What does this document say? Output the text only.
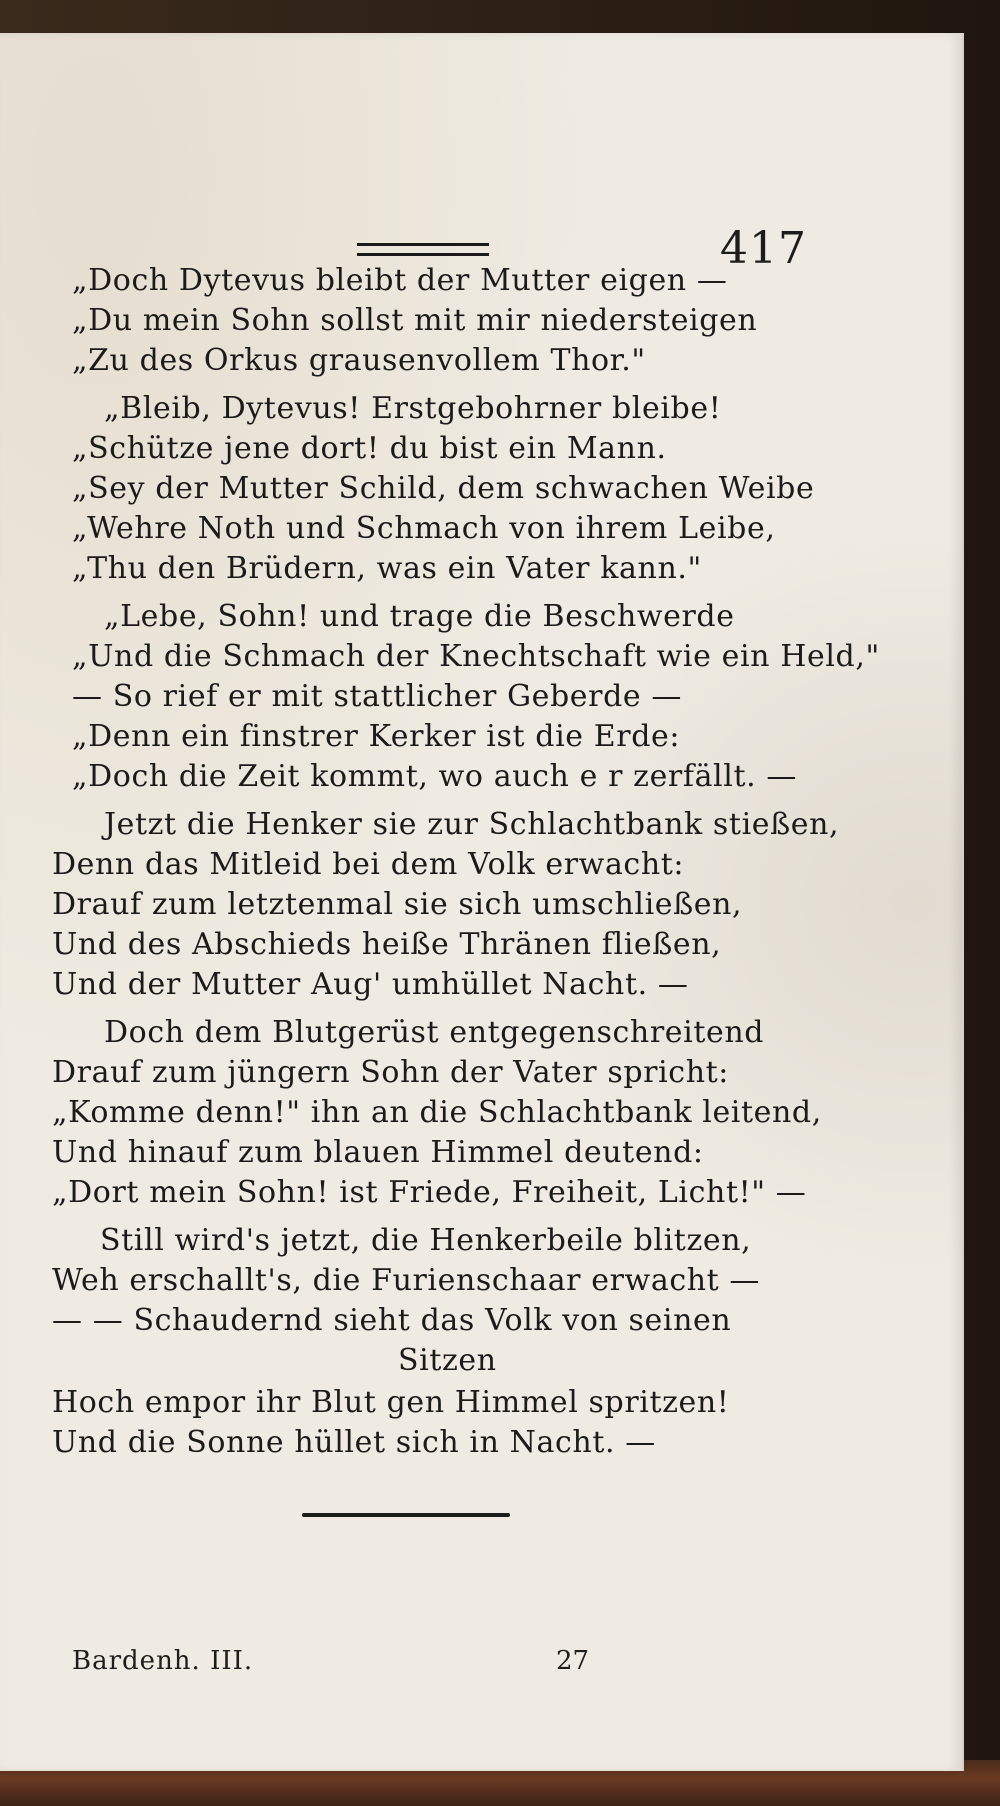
417
„Doch Dytevus bleibt der Mutter eigen —
„Du mein Sohn sollst mit mir niedersteigen
„Zu des Orkus grausenvollem Thor."
„Bleib, Dytevus! Erstgebohrner bleibe!
„Schütze jene dort! du bist ein Mann.
„Sey der Mutter Schild, dem schwachen Weibe
„Wehre Noth und Schmach von ihrem Leibe,
„Thu den Brüdern, was ein Vater kann."
„Lebe, Sohn! und trage die Beschwerde
„Und die Schmach der Knechtschaft wie ein Held,"
— So rief er mit stattlicher Geberde —
„Denn ein finstrer Kerker ist die Erde:
„Doch die Zeit kommt, wo auch e r zerfällt. —
Jetzt die Henker sie zur Schlachtbank stießen,
Denn das Mitleid bei dem Volk erwacht:
Drauf zum letztenmal sie sich umschließen,
Und des Abschieds heiße Thränen fließen,
Und der Mutter Aug' umhüllet Nacht. —
Doch dem Blutgerüst entgegenschreitend
Drauf zum jüngern Sohn der Vater spricht:
„Komme denn!" ihn an die Schlachtbank leitend,
Und hinauf zum blauen Himmel deutend:
„Dort mein Sohn! ist Friede, Freiheit, Licht!" —
Still wird's jetzt, die Henkerbeile blitzen,
Weh erschallt's, die Furienschaar erwacht —
— — Schaudernd sieht das Volk von seinen
Sitzen
Hoch empor ihr Blut gen Himmel spritzen!
Und die Sonne hüllet sich in Nacht. —
Bardenh. III.	27
